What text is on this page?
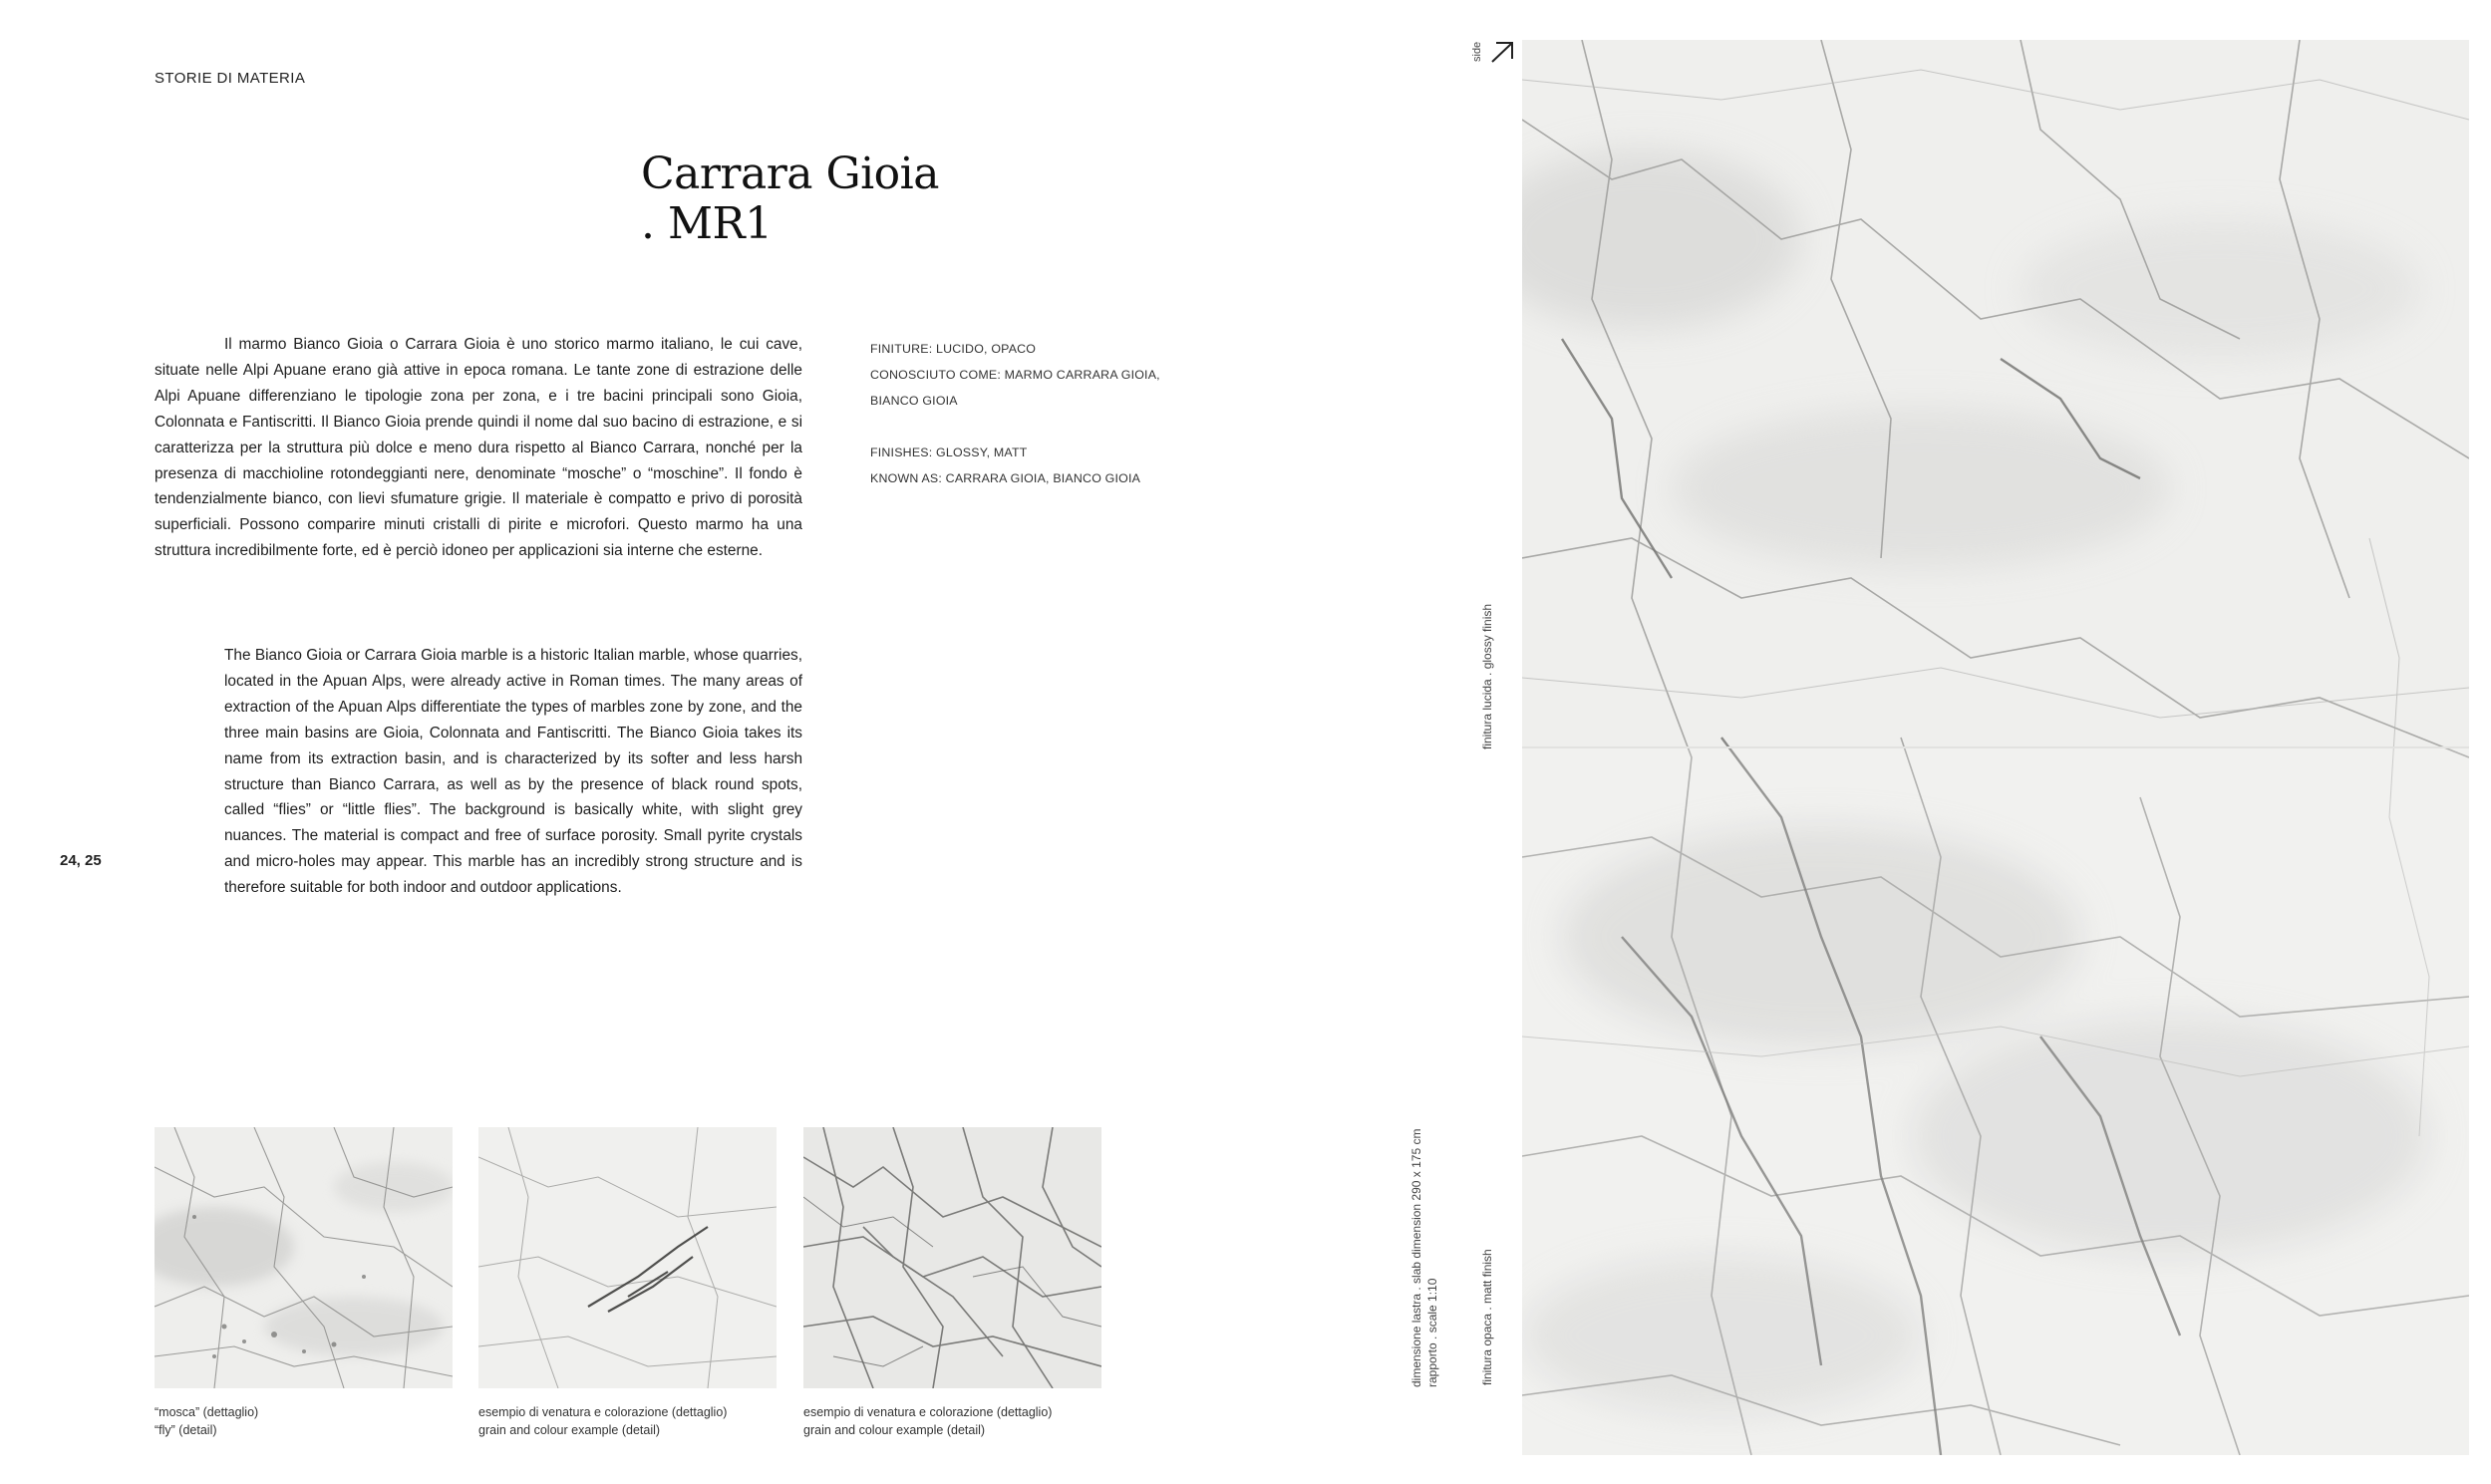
STORIE DI MATERIA
Carrara Gioia
. MR1

Il marmo Bianco Gioia o Carrara Gioia è uno storico marmo italiano, le cui cave, situate nelle Alpi Apuane erano già attive in epoca romana. Le tante zone di estrazione delle Alpi Apuane differenziano le tipologie zona per zona, e i tre bacini principali sono Gioia, Colonnata e Fantiscritti. Il Bianco Gioia prende quindi il nome dal suo bacino di estrazione, e si caratterizza per la struttura più dolce e meno dura rispetto al Bianco Carrara, nonché per la presenza di macchioline rotondeggianti nere, denominate “mosche” o “moschine”. Il fondo è tendenzialmente bianco, con lievi sfumature grigie. Il materiale è compatto e privo di porosità superficiali. Possono comparire minuti cristalli di pirite e microfori. Questo marmo ha una struttura incredibilmente forte, ed è perciò idoneo per applicazioni sia interne che esterne.

The Bianco Gioia or Carrara Gioia marble is a historic Italian marble, whose quarries, located in the Apuan Alps, were already active in Roman times. The many areas of extraction of the Apuan Alps differentiate the types of marbles zone by zone, and the three main basins are Gioia, Colonnata and Fantiscritti. The Bianco Gioia takes its name from its extraction basin, and is characterized by its softer and less harsh structure than Bianco Carrara, as well as by the presence of black round spots, called “flies” or “little flies”. The background is basically white, with slight grey nuances. The material is compact and free of surface porosity. Small pyrite crystals and micro-holes may appear. This marble has an incredibly strong structure and is therefore suitable for both indoor and outdoor applications.

FINITURE: LUCIDO, OPACO
CONOSCIUTO COME: MARMO CARRARA GIOIA,
BIANCO GIOIA
FINISHES: GLOSSY, MATT
KNOWN AS: CARRARA GIOIA, BIANCO GIOIA
24, 25
“mosca” (dettaglio)
“fly” (detail)
esempio di venatura e colorazione (dettaglio)
grain and colour example (detail)
esempio di venatura e colorazione (dettaglio)
grain and colour example (detail)
dimensione lastra . slab dimension 290 x 175 cm rapporto . scale 1:10
finitura lucida . glossy finish
finitura opaca . matt finish
side
